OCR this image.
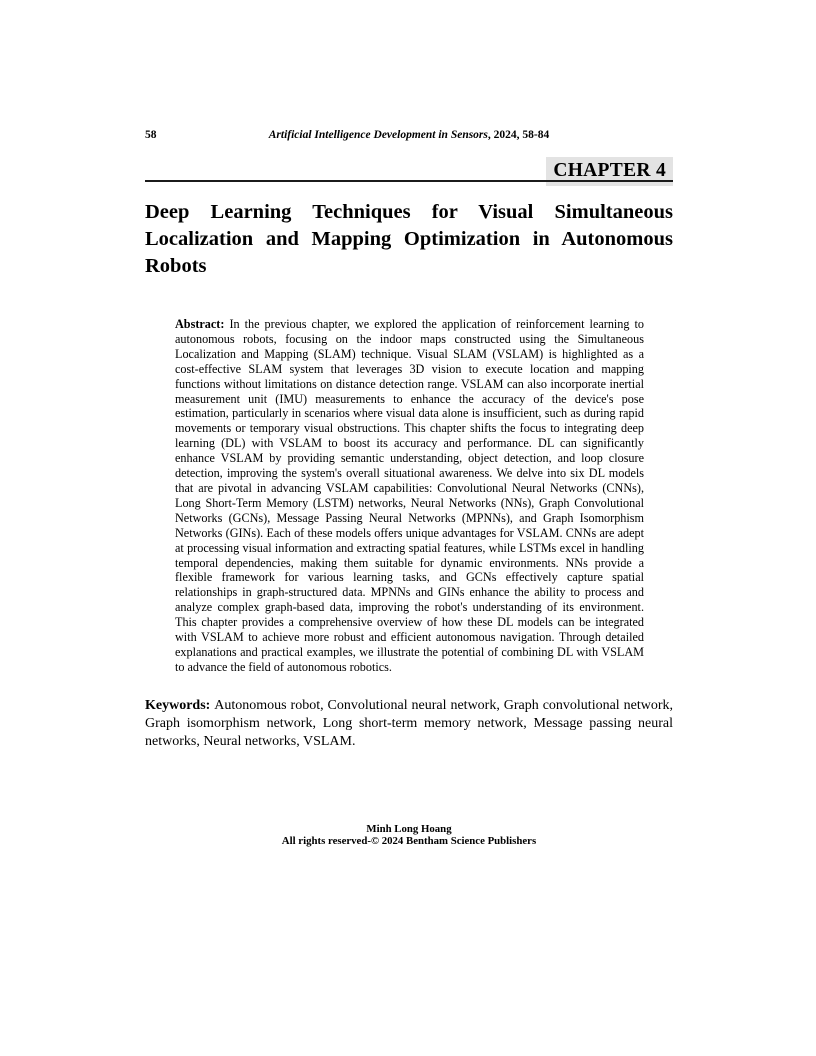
58	Artificial Intelligence Development in Sensors, 2024, 58-84
CHAPTER 4
Deep Learning Techniques for Visual Simultaneous Localization and Mapping Optimization in Autonomous Robots
Abstract: In the previous chapter, we explored the application of reinforcement learning to autonomous robots, focusing on the indoor maps constructed using the Simultaneous Localization and Mapping (SLAM) technique. Visual SLAM (VSLAM) is highlighted as a cost-effective SLAM system that leverages 3D vision to execute location and mapping functions without limitations on distance detection range. VSLAM can also incorporate inertial measurement unit (IMU) measurements to enhance the accuracy of the device's pose estimation, particularly in scenarios where visual data alone is insufficient, such as during rapid movements or temporary visual obstructions. This chapter shifts the focus to integrating deep learning (DL) with VSLAM to boost its accuracy and performance. DL can significantly enhance VSLAM by providing semantic understanding, object detection, and loop closure detection, improving the system's overall situational awareness. We delve into six DL models that are pivotal in advancing VSLAM capabilities: Convolutional Neural Networks (CNNs), Long Short-Term Memory (LSTM) networks, Neural Networks (NNs), Graph Convolutional Networks (GCNs), Message Passing Neural Networks (MPNNs), and Graph Isomorphism Networks (GINs). Each of these models offers unique advantages for VSLAM. CNNs are adept at processing visual information and extracting spatial features, while LSTMs excel in handling temporal dependencies, making them suitable for dynamic environments. NNs provide a flexible framework for various learning tasks, and GCNs effectively capture spatial relationships in graph-structured data. MPNNs and GINs enhance the ability to process and analyze complex graph-based data, improving the robot's understanding of its environment. This chapter provides a comprehensive overview of how these DL models can be integrated with VSLAM to achieve more robust and efficient autonomous navigation. Through detailed explanations and practical examples, we illustrate the potential of combining DL with VSLAM to advance the field of autonomous robotics.

Keywords: Autonomous robot, Convolutional neural network, Graph convolutional network, Graph isomorphism network, Long short-term memory network, Message passing neural networks, Neural networks, VSLAM.

Minh Long Hoang
All rights reserved-© 2024 Bentham Science Publishers
